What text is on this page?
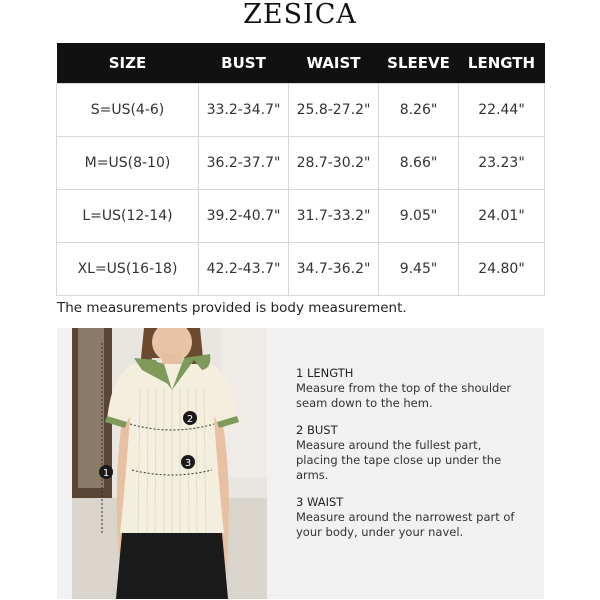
ZESICA
SIZE	BUST	WAIST	SLEEVE	LENGTH
S=US(4-6)	33.2-34.7"	25.8-27.2"	8.26"	22.44"
M=US(8-10)	36.2-37.7"	28.7-30.2"	8.66"	23.23"
L=US(12-14)	39.2-40.7"	31.7-33.2"	9.05"	24.01"
XL=US(16-18)	42.2-43.7"	34.7-36.2"	9.45"	24.80"
The measurements provided is body measurement.
1
2
3
1 LENGTH
Measure from the top of the shoulder seam down to the hem.
2 BUST
Measure around the fullest part, placing the tape close up under the arms.
3 WAIST
Measure around the narrowest part of your body, under your navel.
